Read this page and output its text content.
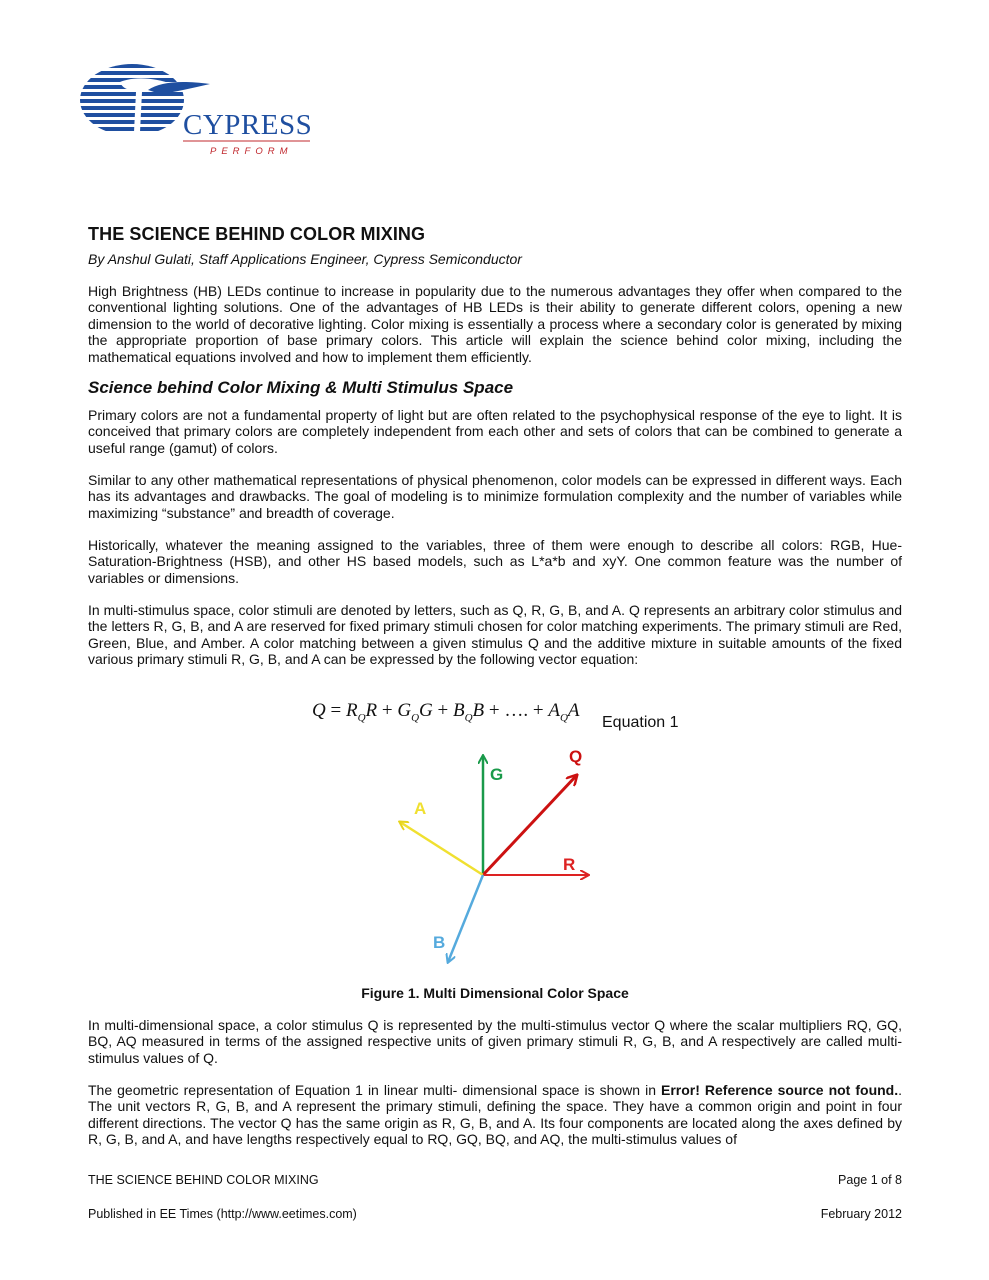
CYPRESS
PERFORM
THE SCIENCE BEHIND COLOR MIXING

By Anshul Gulati, Staff Applications Engineer, Cypress Semiconductor

High Brightness (HB) LEDs continue to increase in popularity due to the numerous advantages they offer when compared to the conventional lighting solutions. One of the advantages of HB LEDs is their ability to generate different colors, opening a new dimension to the world of decorative lighting. Color mixing is essentially a process where a secondary color is generated by mixing the appropriate proportion of base primary colors. This article will explain the science behind color mixing, including the mathematical equations involved and how to implement them efficiently.

Science behind Color Mixing & Multi Stimulus Space

Primary colors are not a fundamental property of light but are often related to the psychophysical response of the eye to light. It is conceived that primary colors are completely independent from each other and sets of colors that can be combined to generate a useful range (gamut) of colors.

Similar to any other mathematical representations of physical phenomenon, color models can be expressed in different ways. Each has its advantages and drawbacks. The goal of modeling is to minimize formulation complexity and the number of variables while maximizing “substance” and breadth of coverage.

Historically, whatever the meaning assigned to the variables, three of them were enough to describe all colors: RGB, Hue-Saturation-Brightness (HSB), and other HS based models, such as L*a*b and xyY. One common feature was the number of variables or dimensions.

In multi-stimulus space, color stimuli are denoted by letters, such as Q, R, G, B, and A. Q represents an arbitrary color stimulus and the letters R, G, B, and A are reserved for fixed primary stimuli chosen for color matching experiments. The primary stimuli are Red, Green, Blue, and Amber. A color matching between a given stimulus Q and the additive mixture in suitable amounts of the fixed various primary stimuli R, G, B, and A can be expressed by the following vector equation:

$Q = R_QR + G_QG + B_QB$ + …. + $A_QA$
Equation 1
G
Q
A
R
B
Figure 1. Multi Dimensional Color Space

In multi-dimensional space, a color stimulus Q is represented by the multi-stimulus vector Q where the scalar multipliers RQ, GQ, BQ, AQ measured in terms of the assigned respective units of given primary stimuli R, G, B, and A respectively are called multi-stimulus values of Q.

The geometric representation of Equation 1 in linear multi- dimensional space is shown in Error! Reference source not found.. The unit vectors R, G, B, and A represent the primary stimuli, defining the space. They have a common origin and point in four different directions. The vector Q has the same origin as R, G, B, and A. Its four components are located along the axes defined by R, G, B, and A, and have lengths respectively equal to RQ, GQ, BQ, and AQ, the multi-stimulus values of

THE SCIENCE BEHIND COLOR MIXING	Page 1 of 8
Published in EE Times (http://www.eetimes.com)	February 2012
